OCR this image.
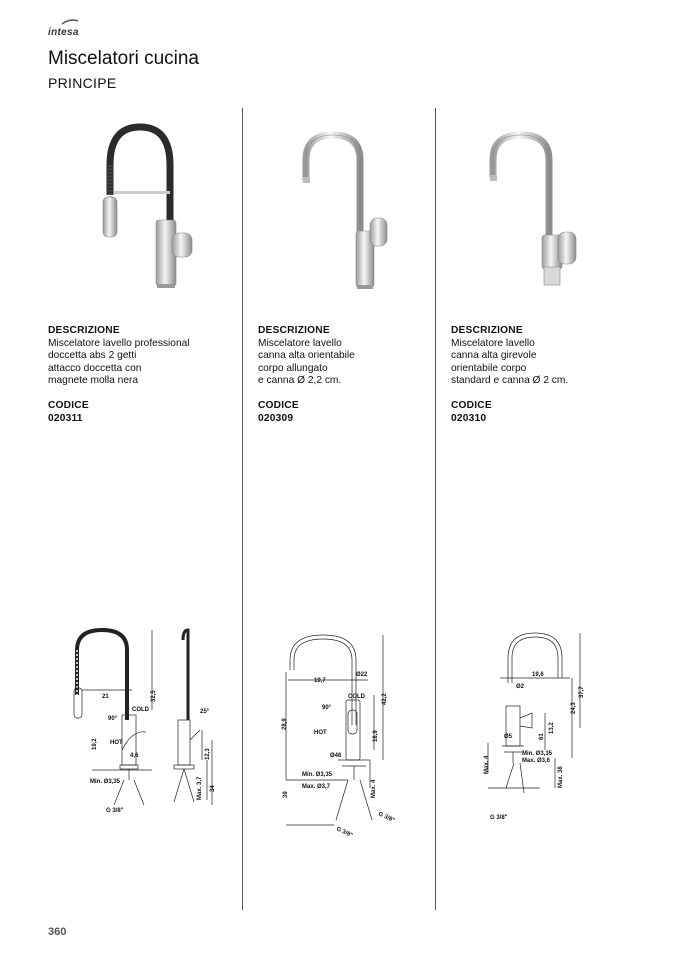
intesa
Miscelatori cucina
PRINCIPE
DESCRIZIONE
Miscelatore lavello professional
doccetta abs 2 getti
attacco doccetta con
magnete molla nera
CODICE
020311
21	32,5
COLD
90°
HOT
19,2
4,6
Min. Ø3,35
G 3/8"
25°
12,3
Max. 3,7 34
DESCRIZIONE
Miscelatore lavello
canna alta orientabile
corpo allungato
e canna Ø 2,2 cm.
CODICE
020309
19,7
Ø22
COLD
90°
HOT
28,9
42,2
18,9
Ø46
Min. Ø3,35
Max. Ø3,7	Max. 4
39
G 3/8"
G 3/8"
DESCRIZIONE
Miscelatore lavello
canna alta girevole
orientabile corpo
standard e canna Ø 2 cm.
CODICE
020310
19,6
Ø2	37,7
24,3
Ø5
13,2
61
Min. Ø3,35
Max. Ø3,6
Max. 4
Max. 38
G 3/8"
360
